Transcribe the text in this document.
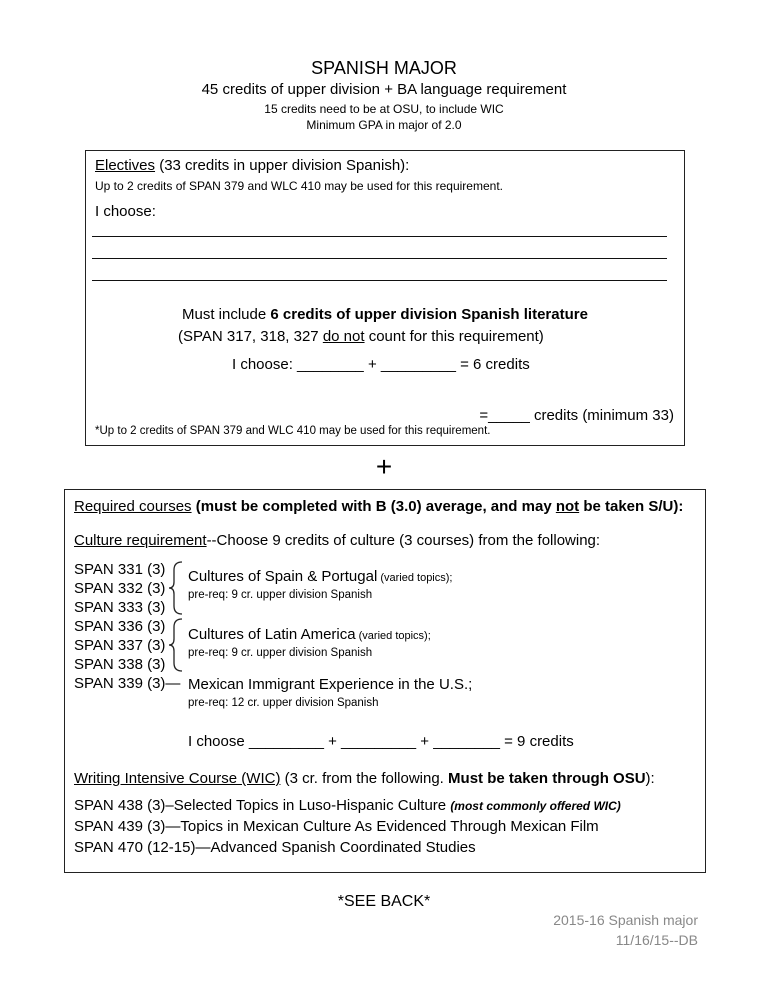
SPANISH MAJOR
45 credits of upper division + BA language requirement
15 credits need to be at OSU, to include WIC
Minimum GPA in major of 2.0
Electives (33 credits in upper division Spanish):
Up to 2 credits of SPAN 379 and WLC 410 may be used for this requirement.
I choose:
Must include 6 credits of upper division Spanish literature
(SPAN 317, 318, 327 do not count for this requirement)
I choose: ________ + _________ = 6 credits
=_____ credits (minimum 33)
*Up to 2 credits of SPAN 379 and WLC 410 may be used for this requirement.
+
Required courses (must be completed with B (3.0) average, and may not be taken S/U):
Culture requirement--Choose 9 credits of culture (3 courses) from the following:
SPAN 331 (3)
SPAN 332 (3)
SPAN 333 (3)
SPAN 336 (3)
SPAN 337 (3)
SPAN 338 (3)
SPAN 339 (3)—
Cultures of Spain & Portugal (varied topics);
pre-req: 9 cr. upper division Spanish
Cultures of Latin America (varied topics);
pre-req: 9 cr. upper division Spanish
Mexican Immigrant Experience in the U.S.;
pre-req: 12 cr. upper division Spanish
I choose _________ + _________ + ________ = 9 credits
Writing Intensive Course (WIC) (3 cr. from the following. Must be taken through OSU):
SPAN 438 (3)–Selected Topics in Luso-Hispanic Culture (most commonly offered WIC)
SPAN 439 (3)—Topics in Mexican Culture As Evidenced Through Mexican Film
SPAN 470 (12-15)—Advanced Spanish Coordinated Studies
*SEE BACK*
2015-16 Spanish major
11/16/15--DB
